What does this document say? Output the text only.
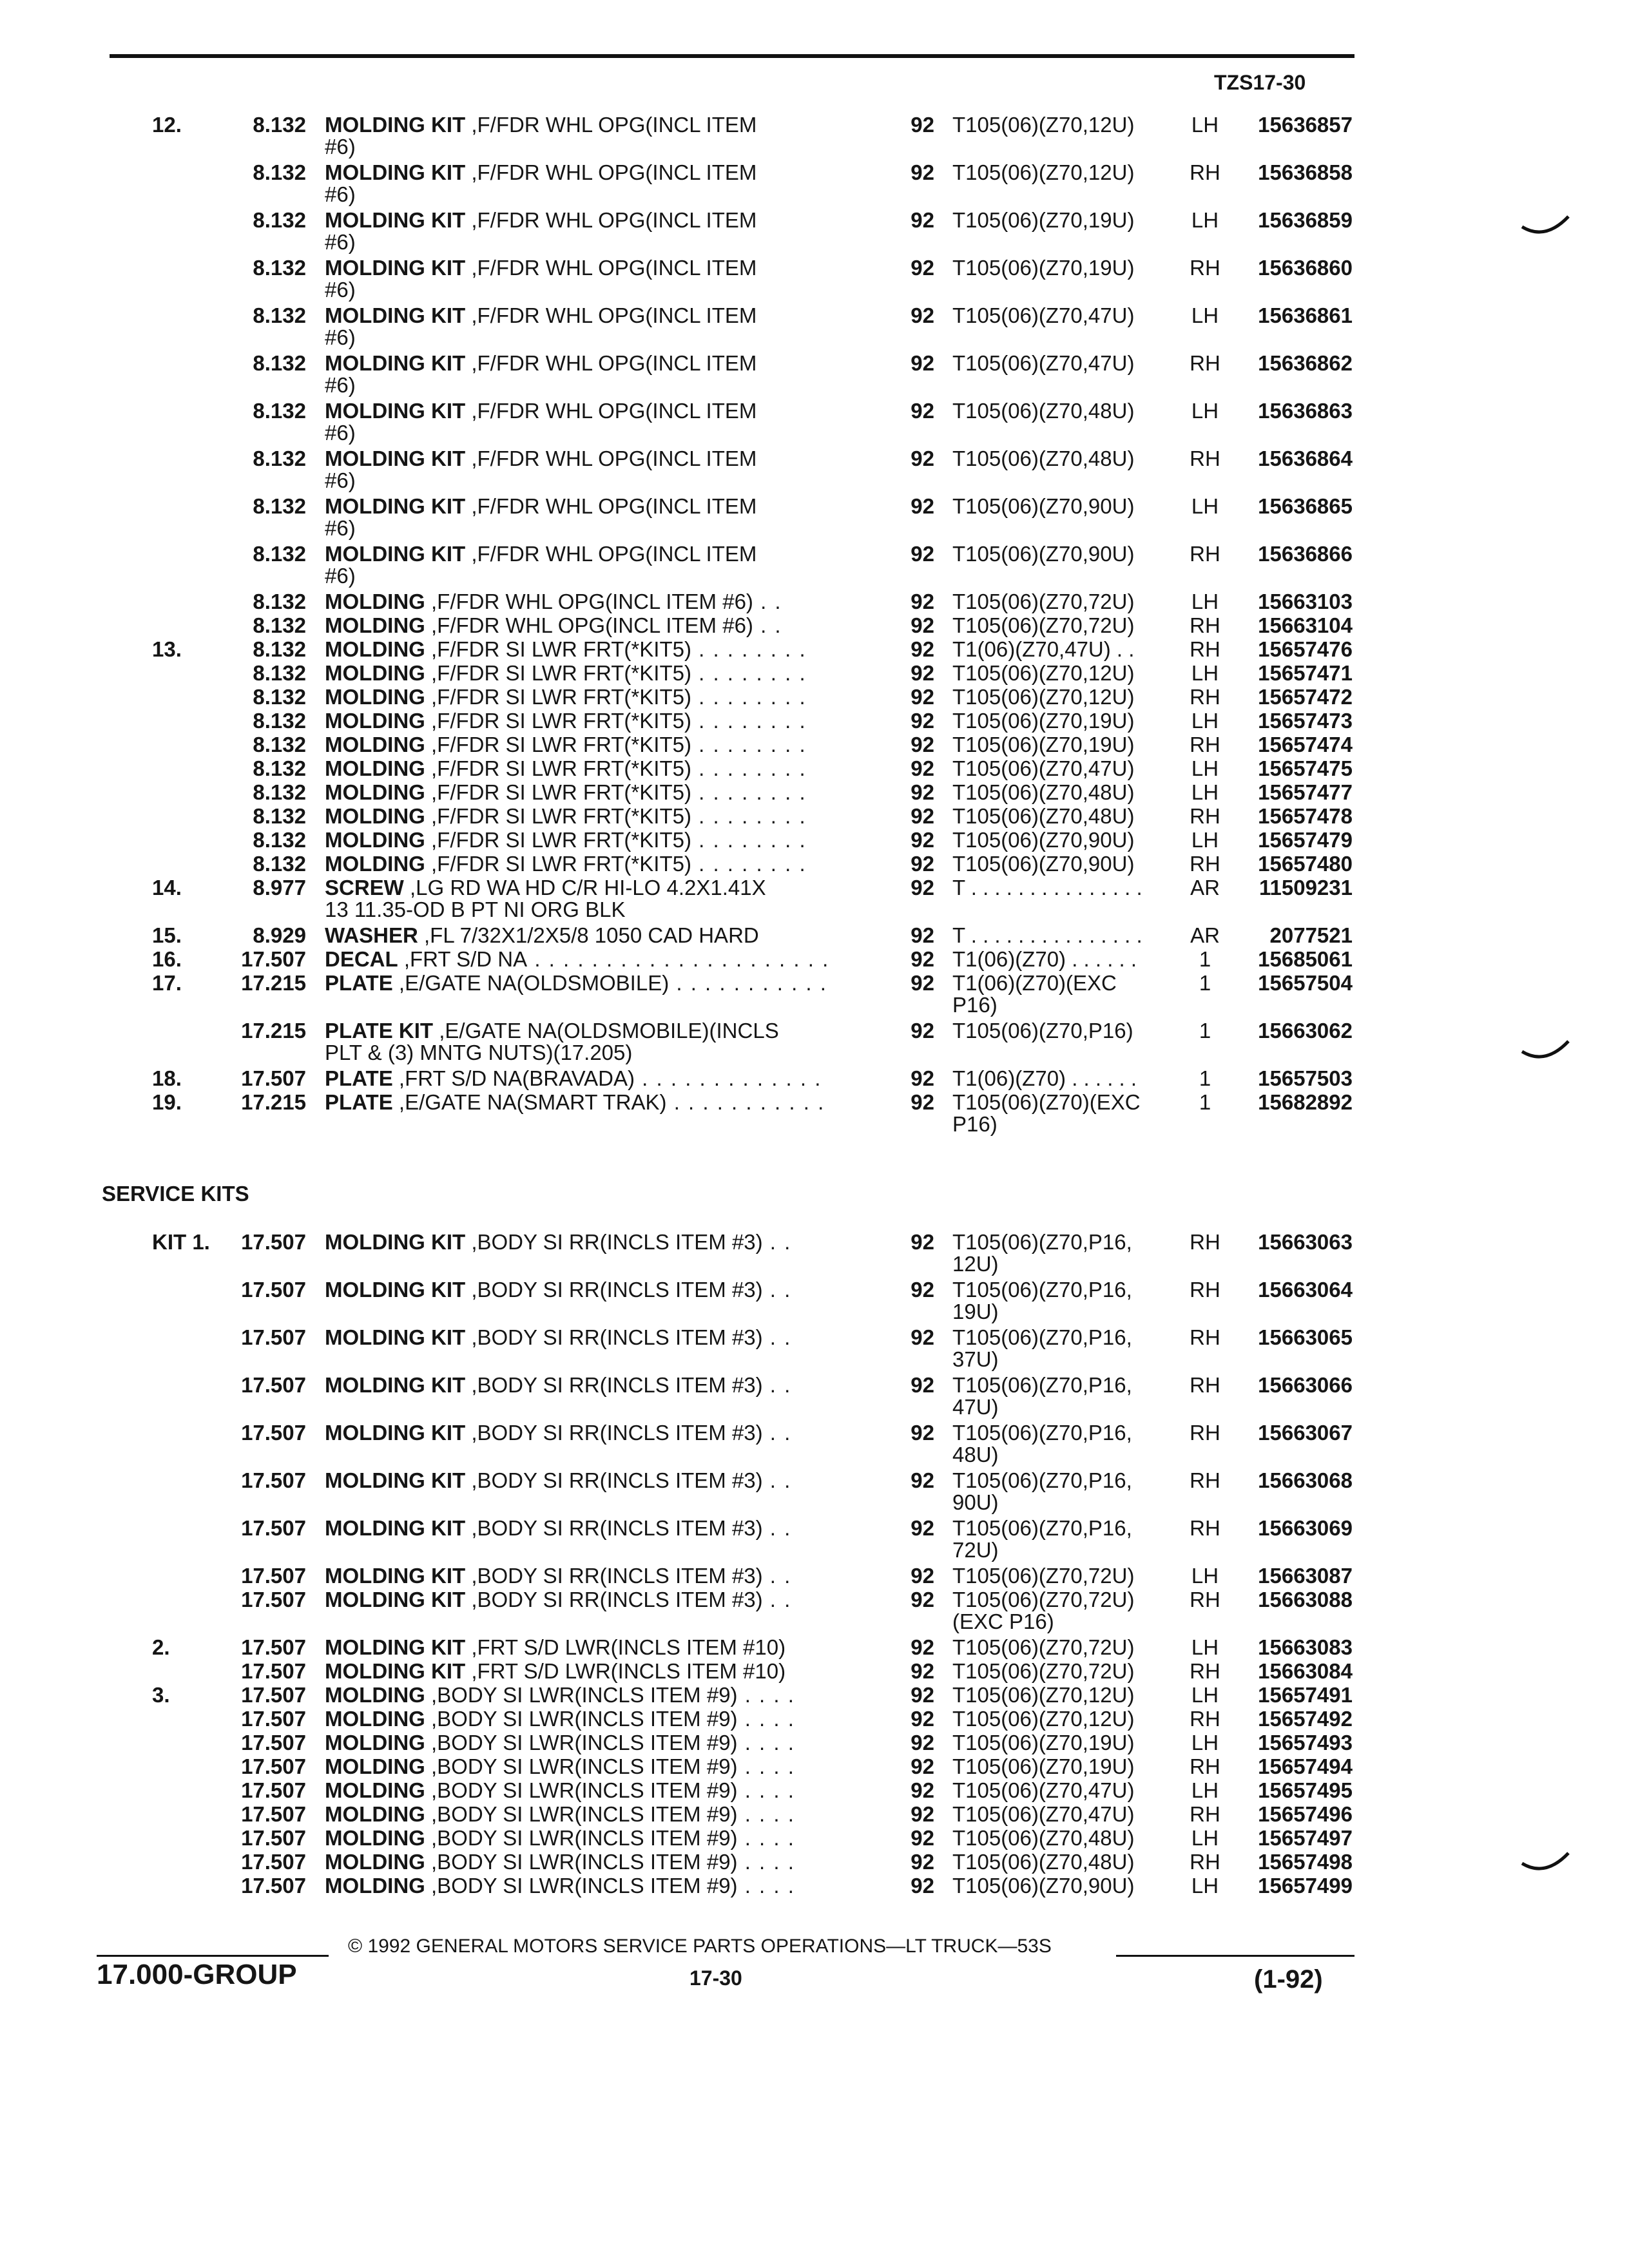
TZS17-30
12.	8.132 MOLDING KIT ,F/FDR WHL OPG(INCL ITEM	92 T105(06)(Z70,12U)	LH	15636857
#6)
8.132 MOLDING KIT ,F/FDR WHL OPG(INCL ITEM	92 T105(06)(Z70,12U)	RH	15636858
#6)
8.132 MOLDING KIT ,F/FDR WHL OPG(INCL ITEM	92 T105(06)(Z70,19U)	LH	15636859
#6)
8.132 MOLDING KIT ,F/FDR WHL OPG(INCL ITEM	92 T105(06)(Z70,19U)	RH	15636860
#6)
8.132 MOLDING KIT ,F/FDR WHL OPG(INCL ITEM	92 T105(06)(Z70,47U)	LH	15636861
#6)
8.132 MOLDING KIT ,F/FDR WHL OPG(INCL ITEM	92 T105(06)(Z70,47U)	RH	15636862
#6)
8.132 MOLDING KIT ,F/FDR WHL OPG(INCL ITEM	92 T105(06)(Z70,48U)	LH	15636863
#6)
8.132 MOLDING KIT ,F/FDR WHL OPG(INCL ITEM	92 T105(06)(Z70,48U)	RH	15636864
#6)
8.132 MOLDING KIT ,F/FDR WHL OPG(INCL ITEM	92 T105(06)(Z70,90U)	LH	15636865
#6)
8.132 MOLDING KIT ,F/FDR WHL OPG(INCL ITEM	92 T105(06)(Z70,90U)	RH	15636866
#6)
8.132 MOLDING ,F/FDR WHL OPG(INCL ITEM #6) . .	92 T105(06)(Z70,72U)	LH	15663103
8.132 MOLDING ,F/FDR WHL OPG(INCL ITEM #6) . .	92 T105(06)(Z70,72U)	RH	15663104
13.	8.132 MOLDING ,F/FDR SI LWR FRT(*KIT5) . . . . . . . .	92 T1(06)(Z70,47U) . .	RH	15657476
8.132 MOLDING ,F/FDR SI LWR FRT(*KIT5) . . . . . . . .	92 T105(06)(Z70,12U)	LH	15657471
8.132 MOLDING ,F/FDR SI LWR FRT(*KIT5) . . . . . . . .	92 T105(06)(Z70,12U)	RH	15657472
8.132 MOLDING ,F/FDR SI LWR FRT(*KIT5) . . . . . . . .	92 T105(06)(Z70,19U)	LH	15657473
8.132 MOLDING ,F/FDR SI LWR FRT(*KIT5) . . . . . . . .	92 T105(06)(Z70,19U)	RH	15657474
8.132 MOLDING ,F/FDR SI LWR FRT(*KIT5) . . . . . . . .	92 T105(06)(Z70,47U)	LH	15657475
8.132 MOLDING ,F/FDR SI LWR FRT(*KIT5) . . . . . . . .	92 T105(06)(Z70,48U)	LH	15657477
8.132 MOLDING ,F/FDR SI LWR FRT(*KIT5) . . . . . . . .	92 T105(06)(Z70,48U)	RH	15657478
8.132 MOLDING ,F/FDR SI LWR FRT(*KIT5) . . . . . . . .	92 T105(06)(Z70,90U)	LH	15657479
8.132 MOLDING ,F/FDR SI LWR FRT(*KIT5) . . . . . . . .	92 T105(06)(Z70,90U)	RH	15657480
14.	8.977 SCREW ,LG RD WA HD C/R HI-LO 4.2X1.41X	92 T . . . . . . . . . . . . . . . AR	11509231
13 11.35-OD B PT NI ORG BLK
15.	8.929 WASHER ,FL 7/32X1/2X5/8 1050 CAD HARD	92 T . . . . . . . . . . . . . . . AR	2077521
16.	17.507 DECAL ,FRT S/D NA . . . . . . . . . . . . . . . . . . . . .	92 T1(06)(Z70) . . . . . .	1	15685061
17.	17.215 PLATE ,E/GATE NA(OLDSMOBILE) . . . . . . . . . . .	92 T1(06)(Z70)(EXC	1	15657504
P16)
17.215 PLATE KIT ,E/GATE NA(OLDSMOBILE)(INCLS	92 T105(06)(Z70,P16)	1	15663062
PLT & (3) MNTG NUTS)(17.205)
18.	17.507 PLATE ,FRT S/D NA(BRAVADA) . . . . . . . . . . . . .	92 T1(06)(Z70) . . . . . .	1	15657503
19.	17.215 PLATE ,E/GATE NA(SMART TRAK) . . . . . . . . . . .	92 T105(06)(Z70)(EXC	1	15682892
P16)
SERVICE KITS
KIT 1.	17.507 MOLDING KIT ,BODY SI RR(INCLS ITEM #3) . .	92 T105(06)(Z70,P16,	RH	15663063
12U)
17.507 MOLDING KIT ,BODY SI RR(INCLS ITEM #3) . .	92 T105(06)(Z70,P16,	RH	15663064
19U)
17.507 MOLDING KIT ,BODY SI RR(INCLS ITEM #3) . .	92 T105(06)(Z70,P16,	RH	15663065
37U)
17.507 MOLDING KIT ,BODY SI RR(INCLS ITEM #3) . .	92 T105(06)(Z70,P16,	RH	15663066
47U)
17.507 MOLDING KIT ,BODY SI RR(INCLS ITEM #3) . .	92 T105(06)(Z70,P16,	RH	15663067
48U)
17.507 MOLDING KIT ,BODY SI RR(INCLS ITEM #3) . .	92 T105(06)(Z70,P16,	RH	15663068
90U)
17.507 MOLDING KIT ,BODY SI RR(INCLS ITEM #3) . .	92 T105(06)(Z70,P16,	RH	15663069
72U)
17.507 MOLDING KIT ,BODY SI RR(INCLS ITEM #3) . .	92 T105(06)(Z70,72U)	LH	15663087
17.507 MOLDING KIT ,BODY SI RR(INCLS ITEM #3) . .	92 T105(06)(Z70,72U)	RH	15663088
(EXC P16)
2.	17.507 MOLDING KIT ,FRT S/D LWR(INCLS ITEM #10)	92 T105(06)(Z70,72U)	LH	15663083
17.507 MOLDING KIT ,FRT S/D LWR(INCLS ITEM #10)	92 T105(06)(Z70,72U)	RH	15663084
3.	17.507 MOLDING ,BODY SI LWR(INCLS ITEM #9) . . . .	92 T105(06)(Z70,12U)	LH	15657491
17.507 MOLDING ,BODY SI LWR(INCLS ITEM #9) . . . .	92 T105(06)(Z70,12U)	RH	15657492
17.507 MOLDING ,BODY SI LWR(INCLS ITEM #9) . . . .	92 T105(06)(Z70,19U)	LH	15657493
17.507 MOLDING ,BODY SI LWR(INCLS ITEM #9) . . . .	92 T105(06)(Z70,19U)	RH	15657494
17.507 MOLDING ,BODY SI LWR(INCLS ITEM #9) . . . .	92 T105(06)(Z70,47U)	LH	15657495
17.507 MOLDING ,BODY SI LWR(INCLS ITEM #9) . . . .	92 T105(06)(Z70,47U)	RH	15657496
17.507 MOLDING ,BODY SI LWR(INCLS ITEM #9) . . . .	92 T105(06)(Z70,48U)	LH	15657497
17.507 MOLDING ,BODY SI LWR(INCLS ITEM #9) . . . .	92 T105(06)(Z70,48U)	RH	15657498
17.507 MOLDING ,BODY SI LWR(INCLS ITEM #9) . . . .	92 T105(06)(Z70,90U)	LH	15657499
© 1992 GENERAL MOTORS SERVICE PARTS OPERATIONS—LT TRUCK—53S
17.000-GROUP	17-30	(1-92)
